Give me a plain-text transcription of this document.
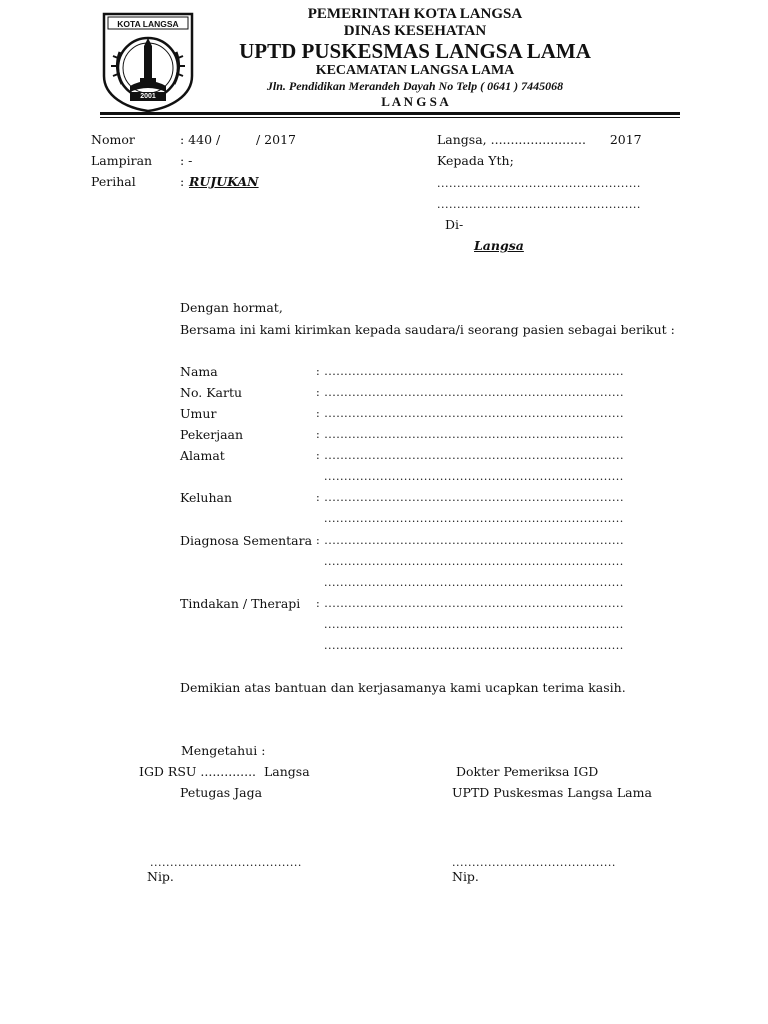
KOTA LANGSA
2001
PEMERINTAH KOTA LANGSA
DINAS KESEHATAN
UPTD PUSKESMAS LANGSA LAMA
KECAMATAN LANGSA LAMA
Jln. Pendidikan Merandeh Dayah No Telp ( 0641 ) 7445068
L A N G S A
Nomor	: 440 /         / 2017
Lampiran : -
Perihal	: RUJUKAN
Langsa, ........................      2017
Kepada Yth;
...................................................
...................................................
Di-
Langsa
Dengan hormat,
Bersama ini kami kirimkan kepada saudara/i seorang pasien sebagai berikut :
Nama	: ...........................................................................
No. Kartu	: ...........................................................................
Umur	: ...........................................................................
Pekerjaan	: ...........................................................................
Alamat	: ...........................................................................
...........................................................................
Keluhan	: ...........................................................................
...........................................................................
Diagnosa Sementara : ...........................................................................
...........................................................................
...........................................................................
Tindakan / Therapi : ...........................................................................
...........................................................................
...........................................................................
Demikian atas bantuan dan kerjasamanya kami ucapkan terima kasih.
Mengetahui :
IGD RSU ..............  Langsa
Petugas Jaga
......................................
Nip.
Dokter Pemeriksa IGD
UPTD Puskesmas Langsa Lama
.........................................
Nip.
